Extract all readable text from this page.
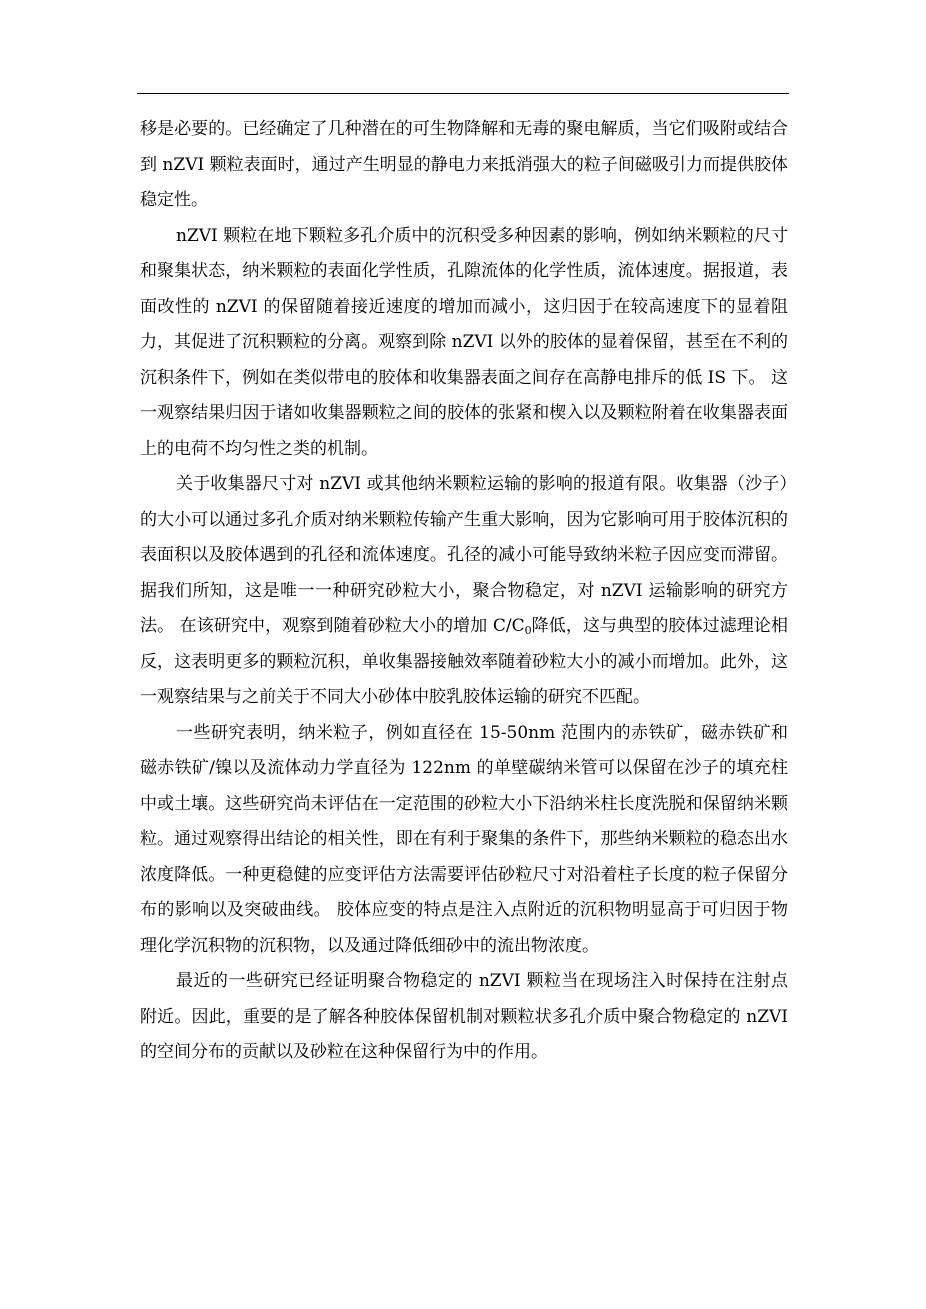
移是必要的。已经确定了几种潜在的可生物降解和无毒的聚电解质，当它们吸附或结合到 nZVI 颗粒表面时，通过产生明显的静电力来抵消强大的粒子间磁吸引力而提供胶体稳定性。

nZVI 颗粒在地下颗粒多孔介质中的沉积受多种因素的影响，例如纳米颗粒的尺寸和聚集状态，纳米颗粒的表面化学性质，孔隙流体的化学性质，流体速度。据报道，表面改性的 nZVI 的保留随着接近速度的增加而减小，这归因于在较高速度下的显着阻力，其促进了沉积颗粒的分离。观察到除 nZVI 以外的胶体的显着保留，甚至在不利的沉积条件下，例如在类似带电的胶体和收集器表面之间存在高静电排斥的低 IS 下。 这一观察结果归因于诸如收集器颗粒之间的胶体的张紧和楔入以及颗粒附着在收集器表面上的电荷不均匀性之类的机制。

关于收集器尺寸对 nZVI 或其他纳米颗粒运输的影响的报道有限。收集器（沙子）的大小可以通过多孔介质对纳米颗粒传输产生重大影响，因为它影响可用于胶体沉积的表面积以及胶体遇到的孔径和流体速度。孔径的减小可能导致纳米粒子因应变而滞留。据我们所知，这是唯一一种研究砂粒大小，聚合物稳定，对 nZVI 运输影响的研究方法。 在该研究中，观察到随着砂粒大小的增加 $C/C_0$降低，这与典型的胶体过滤理论相反，这表明更多的颗粒沉积，单收集器接触效率随着砂粒大小的减小而增加。此外，这一观察结果与之前关于不同大小砂体中胶乳胶体运输的研究不匹配。

一些研究表明，纳米粒子，例如直径在 15-50nm 范围内的赤铁矿，磁赤铁矿和磁赤铁矿/镍以及流体动力学直径为 122nm 的单壁碳纳米管可以保留在沙子的填充柱中或土壤。这些研究尚未评估在一定范围的砂粒大小下沿纳米柱长度洗脱和保留纳米颗粒。通过观察得出结论的相关性，即在有利于聚集的条件下，那些纳米颗粒的稳态出水浓度降低。一种更稳健的应变评估方法需要评估砂粒尺寸对沿着柱子长度的粒子保留分布的影响以及突破曲线。 胶体应变的特点是注入点附近的沉积物明显高于可归因于物理化学沉积物的沉积物，以及通过降低细砂中的流出物浓度。

最近的一些研究已经证明聚合物稳定的 nZVI 颗粒当在现场注入时保持在注射点附近。因此，重要的是了解各种胶体保留机制对颗粒状多孔介质中聚合物稳定的 nZVI 的空间分布的贡献以及砂粒在这种保留行为中的作用。
